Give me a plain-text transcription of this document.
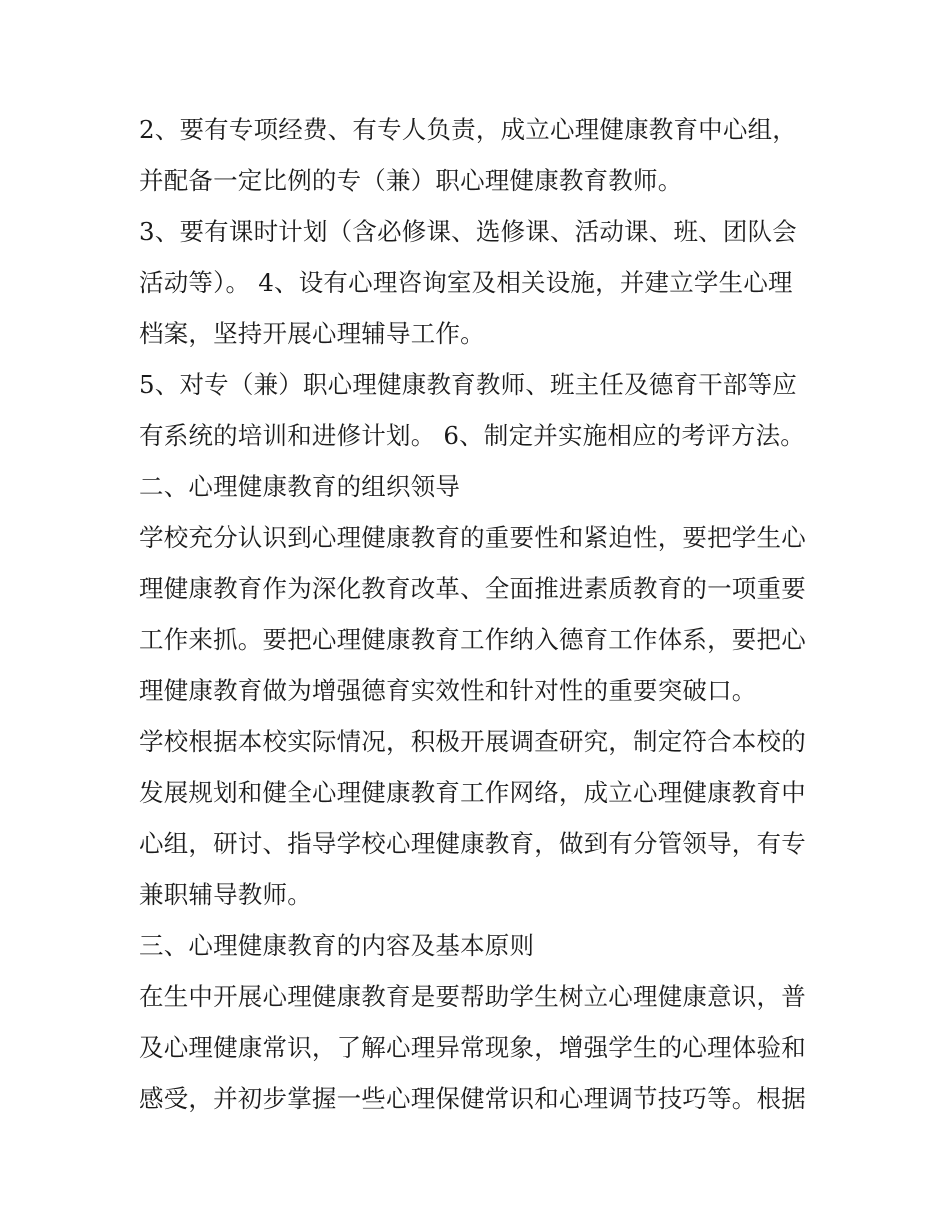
2、要有专项经费、有专人负责，成立心理健康教育中心组，
并配备一定比例的专（兼）职心理健康教育教师。
3、要有课时计划（含必修课、选修课、活动课、班、团队会
活动等）。 4、设有心理咨询室及相关设施，并建立学生心理
档案，坚持开展心理辅导工作。
5、对专（兼）职心理健康教育教师、班主任及德育干部等应
有系统的培训和进修计划。 6、制定并实施相应的考评方法。
二、心理健康教育的组织领导
学校充分认识到心理健康教育的重要性和紧迫性，要把学生心
理健康教育作为深化教育改革、全面推进素质教育的一项重要
工作来抓。要把心理健康教育工作纳入德育工作体系，要把心
理健康教育做为增强德育实效性和针对性的重要突破口。
学校根据本校实际情况，积极开展调查研究，制定符合本校的
发展规划和健全心理健康教育工作网络，成立心理健康教育中
心组，研讨、指导学校心理健康教育，做到有分管领导，有专
兼职辅导教师。
三、心理健康教育的内容及基本原则
在生中开展心理健康教育是要帮助学生树立心理健康意识，普
及心理健康常识，了解心理异常现象，增强学生的心理体验和
感受，并初步掌握一些心理保健常识和心理调节技巧等。根据
